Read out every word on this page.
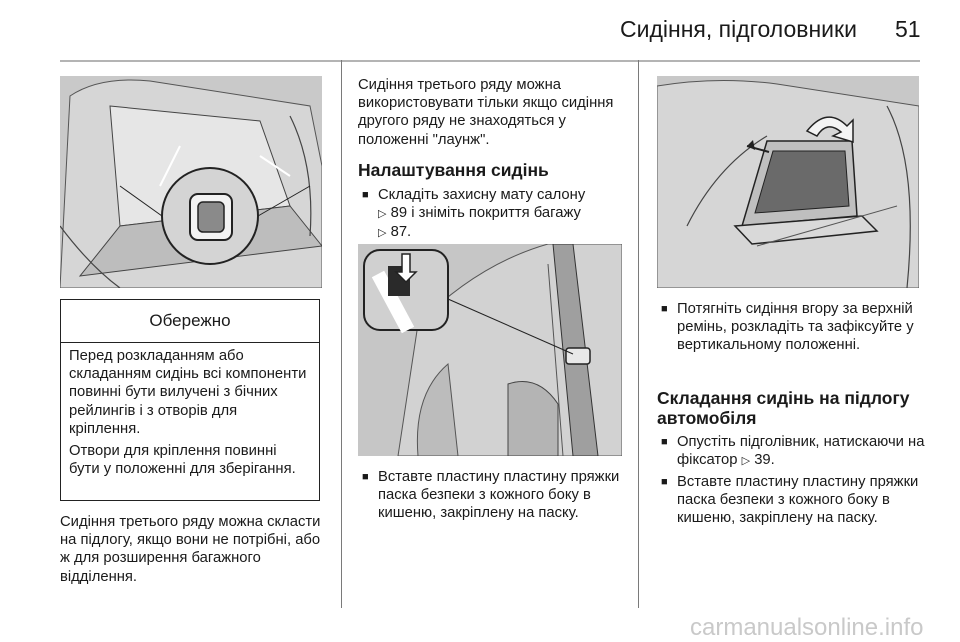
Сидіння, підголовники 51
Обережно

Перед розкладанням або складанням сидінь всі компоненти повинні бути вилучені з бічних рейлингів і з отворів для кріплення.

Отвори для кріплення повинні бути у положенні для зберігання.

Сидіння третього ряду можна скласти на підлогу, якщо вони не потрібні, або ж для розширення багажного відділення.

Сидіння третього ряду можна використовувати тільки якщо сидіння другого ряду не знаходяться у положенні "лаунж".

Налаштування сидінь
■ Складіть захисну мату салону
▷ 89 і зніміть покриття багажу
▷ 87.
■ Вставте пластину пластину пряжки паска безпеки з кожного боку в кишеню, закріплену на паску.
■ Потягніть сидіння вгору за верхній ремінь, розкладіть та зафіксуйте у вертикальному положенні.
Складання сидінь на підлогу автомобіля
■ Опустіть підголівник, натискаючи на фіксатор ▷ 39.
■ Вставте пластину пластину пряжки паска безпеки з кожного боку в кишеню, закріплену на паску.
carmanualsonline.info
